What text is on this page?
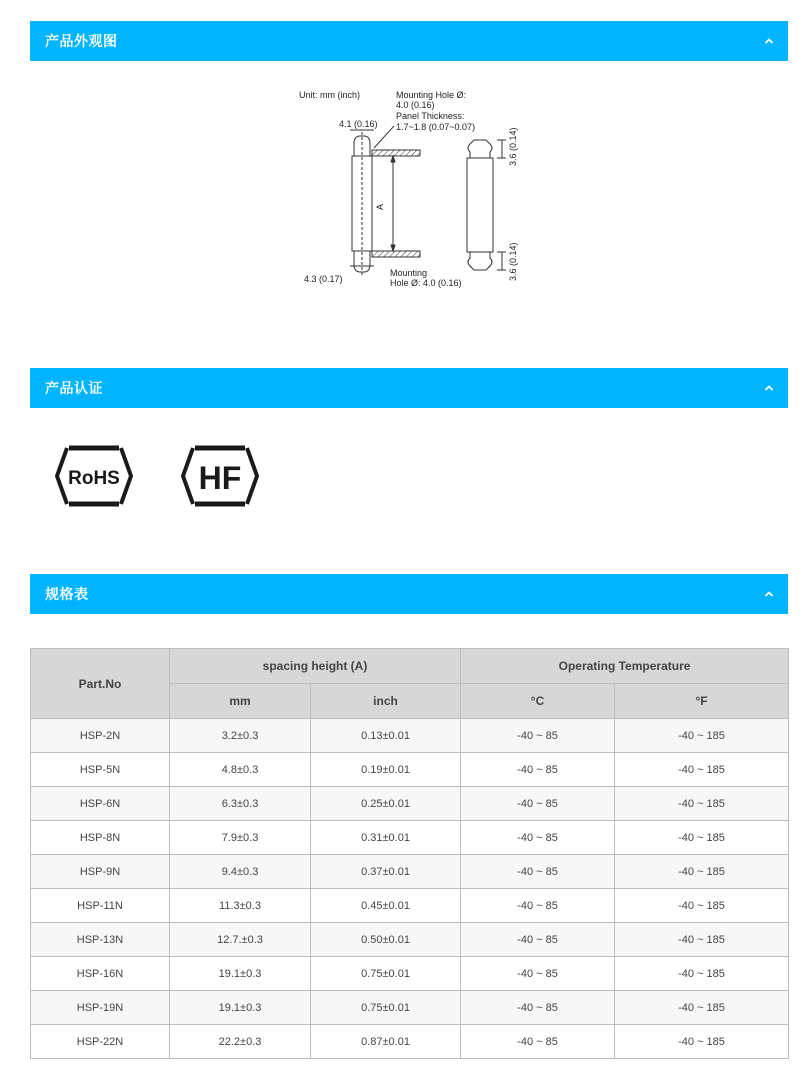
产品外观图
Unit: mm (inch)	Mounting Hole Ø:
4.0 (0.16)
Panel Thickness:
1.7~1.8 (0.07~0.07)
4.1 (0.16)
4.3 (0.17)
Mounting
Hole Ø: 4.0 (0.16)
A
3.6 (0.14)
3.6 (0.14)
产品认证
RoHS HF
规格表
Part.No	spacing height (A)		Operating Temperature	
	mm	inch	°C	°F
HSP-2N	3.2±0.3	0.13±0.01	-40 ~ 85	-40 ~ 185
HSP-5N	4.8±0.3	0.19±0.01	-40 ~ 85	-40 ~ 185
HSP-6N	6.3±0.3	0.25±0.01	-40 ~ 85	-40 ~ 185
HSP-8N	7.9±0.3	0.31±0.01	-40 ~ 85	-40 ~ 185
HSP-9N	9.4±0.3	0.37±0.01	-40 ~ 85	-40 ~ 185
HSP-11N	11.3±0.3	0.45±0.01	-40 ~ 85	-40 ~ 185
HSP-13N	12.7.±0.3	0.50±0.01	-40 ~ 85	-40 ~ 185
HSP-16N	19.1±0.3	0.75±0.01	-40 ~ 85	-40 ~ 185
HSP-19N	19.1±0.3	0.75±0.01	-40 ~ 85	-40 ~ 185
HSP-22N	22.2±0.3	0.87±0.01	-40 ~ 85	-40 ~ 185
